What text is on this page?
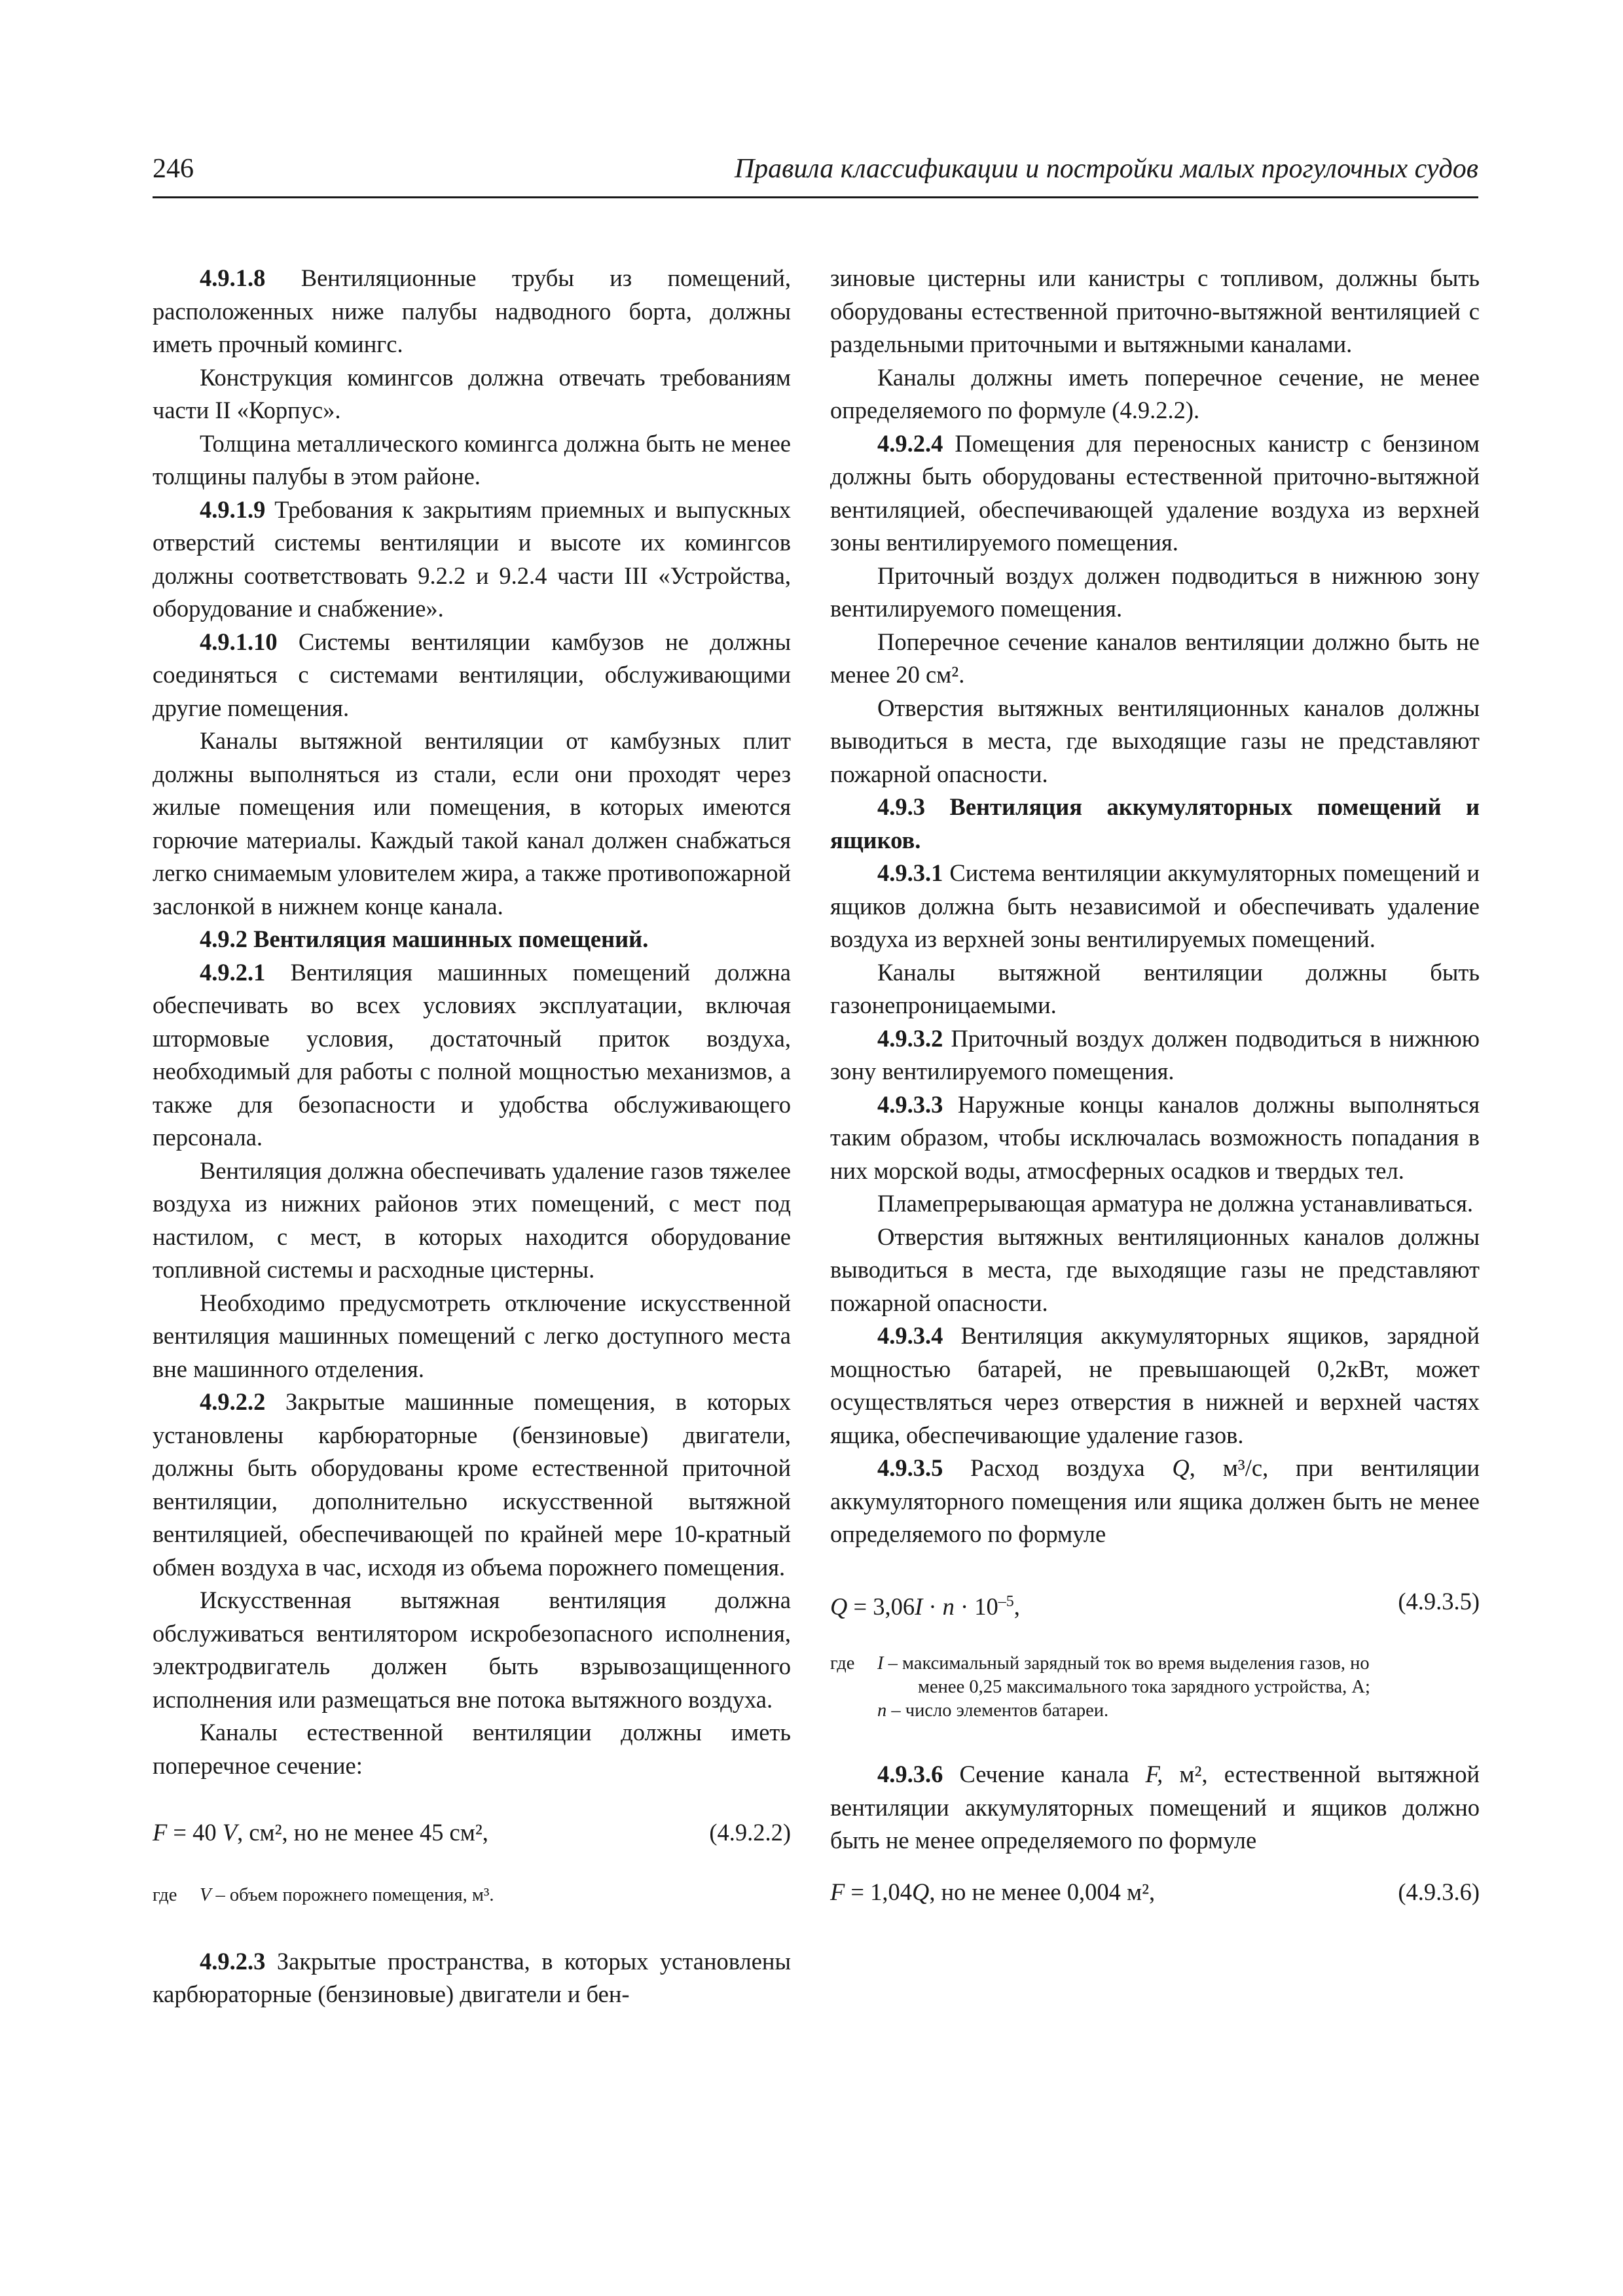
246	Правила классификации и постройки малых прогулочных судов

4.9.1.8 Вентиляционные трубы из помещений, расположенных ниже палубы надводного борта, должны иметь прочный комингс.

Конструкция комингсов должна отвечать требованиям части II «Корпус».

Толщина металлического комингса должна быть не менее толщины палубы в этом районе.

4.9.1.9 Требования к закрытиям приемных и выпускных отверстий системы вентиляции и высоте их комингсов должны соответствовать 9.2.2 и 9.2.4 части III «Устройства, оборудование и снабжение».

4.9.1.10 Системы вентиляции камбузов не должны соединяться с системами вентиляции, обслуживающими другие помещения.

Каналы вытяжной вентиляции от камбузных плит должны выполняться из стали, если они проходят через жилые помещения или помещения, в которых имеются горючие материалы. Каждый такой канал должен снабжаться легко снимаемым уловителем жира, а также противопожарной заслонкой в нижнем конце канала.

4.9.2 Вентиляция машинных помещений.

4.9.2.1 Вентиляция машинных помещений должна обеспечивать во всех условиях эксплуатации, включая штормовые условия, достаточный приток воздуха, необходимый для работы с полной мощностью механизмов, а также для безопасности и удобства обслуживающего персонала.

Вентиляция должна обеспечивать удаление газов тяжелее воздуха из нижних районов этих помещений, с мест под настилом, с мест, в которых находится оборудование топливной системы и расходные цистерны.

Необходимо предусмотреть отключение искусственной вентиляция машинных помещений с легко доступного места вне машинного отделения.

4.9.2.2 Закрытые машинные помещения, в которых установлены карбюраторные (бензиновые) двигатели, должны быть оборудованы кроме естественной приточной вентиляции, дополнительно искусственной вытяжной вентиляцией, обеспечивающей по крайней мере 10-кратный обмен воздуха в час, исходя из объема порожнего помещения.

Искусственная вытяжная вентиляция должна обслуживаться вентилятором искробезопасного исполнения, электродвигатель должен быть взрывозащищенного исполнения или размещаться вне потока вытяжного воздуха.

Каналы естественной вентиляции должны иметь поперечное сечение:

F = 40 V, см², но не менее 45 см²,	(4.9.2.2)
где	V – объем порожнего помещения, м³.

4.9.2.3 Закрытые пространства, в которых установлены карбюраторные (бензиновые) двигатели и бен-

зиновые цистерны или канистры с топливом, должны быть оборудованы естественной приточно-вытяжной вентиляцией с раздельными приточными и вытяжными каналами.

Каналы должны иметь поперечное сечение, не менее определяемого по формуле (4.9.2.2).

4.9.2.4 Помещения для переносных канистр с бензином должны быть оборудованы естественной приточно-вытяжной вентиляцией, обеспечивающей удаление воздуха из верхней зоны вентилируемого помещения.

Приточный воздух должен подводиться в нижнюю зону вентилируемого помещения.

Поперечное сечение каналов вентиляции должно быть не менее 20 см².

Отверстия вытяжных вентиляционных каналов должны выводиться в места, где выходящие газы не представляют пожарной опасности.

4.9.3 Вентиляция аккумуляторных помещений и ящиков.

4.9.3.1 Система вентиляции аккумуляторных помещений и ящиков должна быть независимой и обеспечивать удаление воздуха из верхней зоны вентилируемых помещений.

Каналы вытяжной вентиляции должны быть газонепроницаемыми.

4.9.3.2 Приточный воздух должен подводиться в нижнюю зону вентилируемого помещения.

4.9.3.3 Наружные концы каналов должны выполняться таким образом, чтобы исключалась возможность попадания в них морской воды, атмосферных осадков и твердых тел.

Пламепрерывающая арматура не должна устанавливаться.

Отверстия вытяжных вентиляционных каналов должны выводиться в места, где выходящие газы не представляют пожарной опасности.

4.9.3.4 Вентиляция аккумуляторных ящиков, зарядной мощностью батарей, не превышающей 0,2кВт, может осуществляться через отверстия в нижней и верхней частях ящика, обеспечивающие удаление газов.

4.9.3.5 Расход воздуха Q, м³/с, при вентиляции аккумуляторного помещения или ящика должен быть не менее определяемого по формуле

$Q = 3,06I \cdot n \cdot 10^{-5}$,	(4.9.3.5)
где	I – максимальный зарядный ток во время выделения газов, но
менее 0,25 максимального тока зарядного устройства, А;
n – число элементов батареи.

4.9.3.6 Сечение канала F, м², естественной вытяжной вентиляции аккумуляторных помещений и ящиков должно быть не менее определяемого по формуле

F = 1,04Q, но не менее 0,004 м²,	(4.9.3.6)
